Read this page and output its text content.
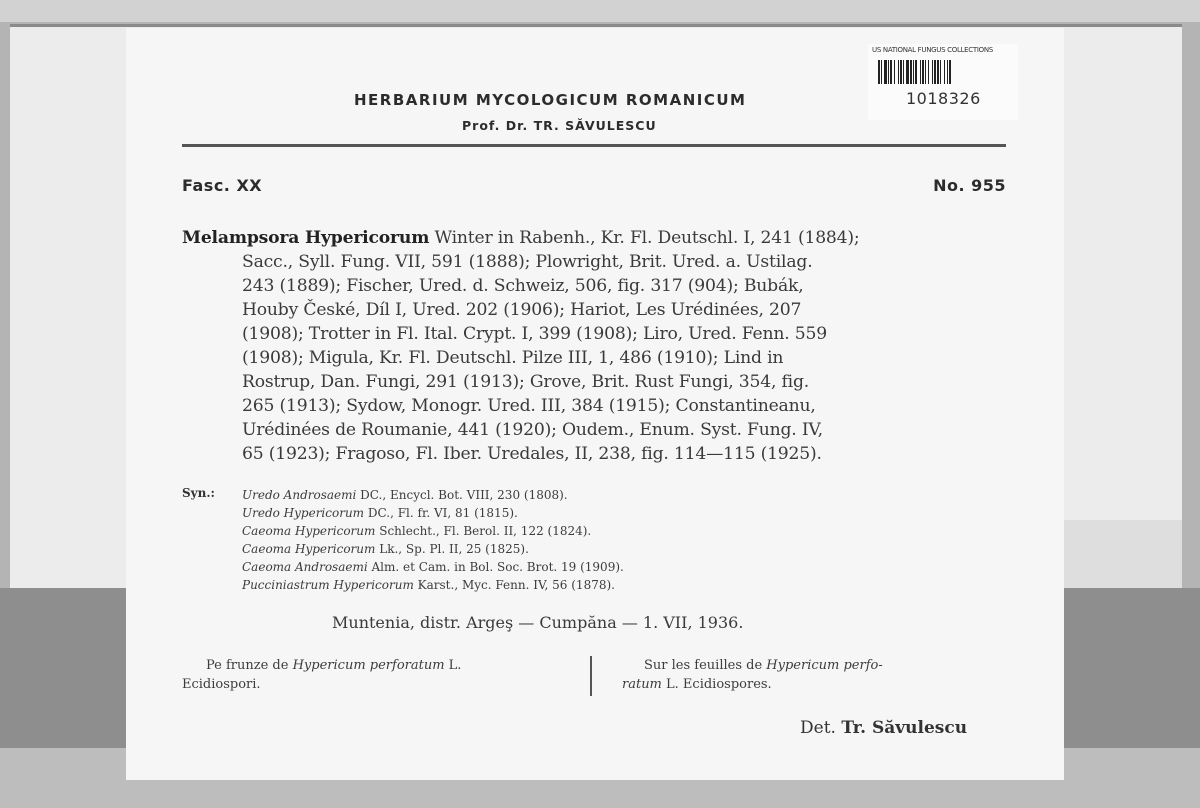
US NATIONAL FUNGUS COLLECTIONS
1018326
HERBARIUM MYCOLOGICUM ROMANICUM
Prof. Dr. TR. SĂVULESCU
Fasc. XX	No. 955
Melampsora Hypericorum Winter in Rabenh., Kr. Fl. Deutschl. I, 241 (1884);
Sacc., Syll. Fung. VII, 591 (1888); Plowright, Brit. Ured. a. Ustilag.
243 (1889); Fischer, Ured. d. Schweiz, 506, fig. 317 (904); Bubák,
Houby České, Díl I, Ured. 202 (1906); Hariot, Les Urédinées, 207
(1908); Trotter in Fl. Ital. Crypt. I, 399 (1908); Liro, Ured. Fenn. 559
(1908); Migula, Kr. Fl. Deutschl. Pilze III, 1, 486 (1910); Lind in
Rostrup, Dan. Fungi, 291 (1913); Grove, Brit. Rust Fungi, 354, fig.
265 (1913); Sydow, Monogr. Ured. III, 384 (1915); Constantineanu,
Urédinées de Roumanie, 441 (1920); Oudem., Enum. Syst. Fung. IV,
65 (1923); Fragoso, Fl. Iber. Uredales, II, 238, fig. 114—115 (1925).
Syn.: Uredo Androsaemi DC., Encycl. Bot. VIII, 230 (1808).
Uredo Hypericorum DC., Fl. fr. VI, 81 (1815).
Caeoma Hypericorum Schlecht., Fl. Berol. II, 122 (1824).
Caeoma Hypericorum Lk., Sp. Pl. II, 25 (1825).
Caeoma Androsaemi Alm. et Cam. in Bol. Soc. Brot. 19 (1909).
Pucciniastrum Hypericorum Karst., Myc. Fenn. IV, 56 (1878).
Muntenia, distr. Argeş — Cumpăna — 1. VII, 1936.
Pe frunze de Hypericum perforatum L.
Ecidiospori.
Sur les feuilles de Hypericum perfo-
ratum L. Ecidiospores.
Det. Tr. Săvulescu
